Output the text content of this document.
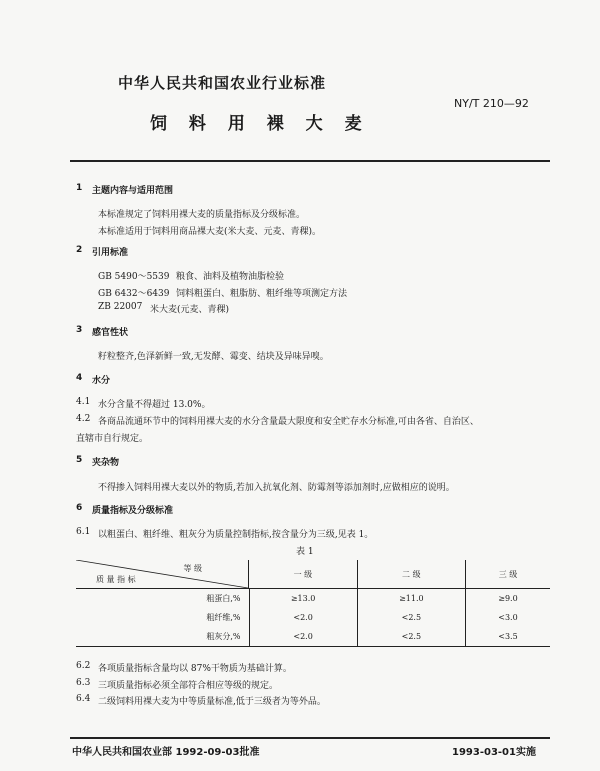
中华人民共和国农业行业标准
NY/T 210—92
饲 料 用 裸 大 麦
1 主题内容与适用范围
本标准规定了饲料用裸大麦的质量指标及分级标准。
本标准适用于饲料用商品裸大麦(米大麦、元麦、青稞)。
2 引用标准
GB 5490～5539 粮食、油料及植物油脂检验
GB 6432～6439 饲料粗蛋白、粗脂肪、粗纤维等项测定方法
ZB 22007 米大麦(元麦、青稞)
3 感官性状
籽粒整齐,色泽新鲜一致,无发酵、霉变、结块及异味异嗅。
4 水分
4.1 水分含量不得超过 13.0%。
4.2 各商品流通环节中的饲料用裸大麦的水分含量最大限度和安全贮存水分标准,可由各省、自治区、
直辖市自行规定。
5 夹杂物
不得掺入饲料用裸大麦以外的物质,若加入抗氧化剂、防霉剂等添加剂时,应做相应的说明。
6 质量指标及分级标准
6.1 以粗蛋白、粗纤维、粗灰分为质量控制指标,按含量分为三级,见表 1。
表 1
等 级
质 量 指 标	一 级	二 级	三 级
粗蛋白,%	≥13.0	≥11.0	≥9.0
粗纤维,%	<2.0	<2.5	<3.0
粗灰分,%	<2.0	<2.5	<3.5
6.2 各项质量指标含量均以 87%干物质为基础计算。
6.3 三项质量指标必须全部符合相应等级的规定。
6.4 二级饲料用裸大麦为中等质量标准,低于三级者为等外品。
中华人民共和国农业部 1992-09-03批准	1993-03-01实施
